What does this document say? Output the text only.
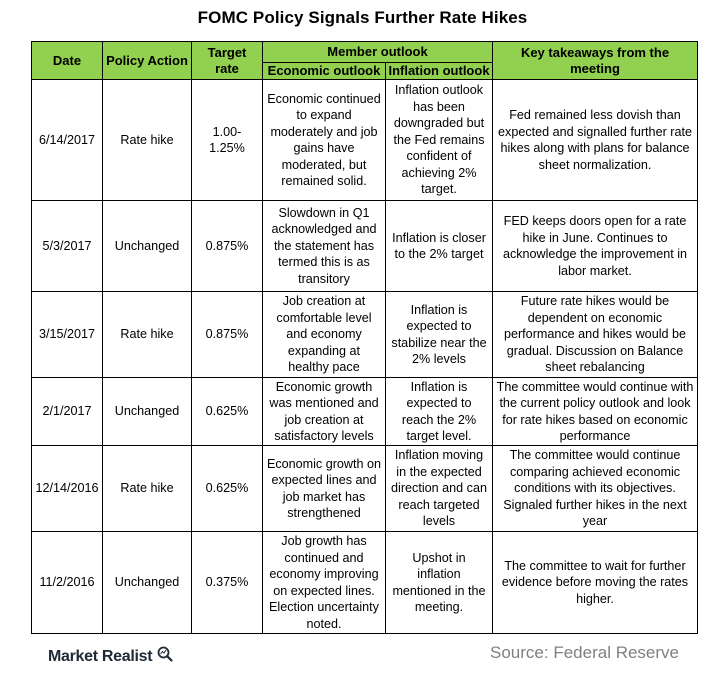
FOMC Policy Signals Further Rate Hikes
Date	Policy Action	Target rate	Member outlook		Key takeaways from the meeting
			Economic outlook	Inflation outlook	
6/14/2017	Rate hike	1.00-1.25%	Economic continued to expand moderately and job gains have moderated, but remained solid.	Inflation outlook has been downgraded but the Fed remains confident of achieving 2% target.	Fed remained less dovish than expected and signalled further rate hikes along with plans for balance sheet normalization.
5/3/2017	Unchanged	0.875%	Slowdown in Q1 acknowledged and the statement has termed this is as transitory	Inflation is closer to the 2% target	FED keeps doors open for a rate hike in June. Continues to acknowledge the improvement in labor market.
3/15/2017	Rate hike	0.875%	Job creation at comfortable level and economy expanding at healthy pace	Inflation is expected to stabilize near the 2% levels	Future rate hikes would be dependent on economic performance and hikes would be gradual. Discussion on Balance sheet rebalancing
2/1/2017	Unchanged	0.625%	Economic growth was mentioned and job creation at satisfactory levels	Inflation is expected to reach the 2% target level.	The committee would continue with the current policy outlook and look for rate hikes based on economic performance
12/14/2016	Rate hike	0.625%	Economic growth on expected lines and job market has strengthened	Inflation moving in the expected direction and can reach targeted levels	The committee would continue comparing achieved economic conditions with its objectives. Signaled further hikes in the next year
11/2/2016	Unchanged	0.375%	Job growth has continued and economy improving on expected lines. Election uncertainty noted.	Upshot in inflation mentioned in the meeting.	The committee to wait for further evidence before moving the rates higher.
Market Realist	Source: Federal Reserve
